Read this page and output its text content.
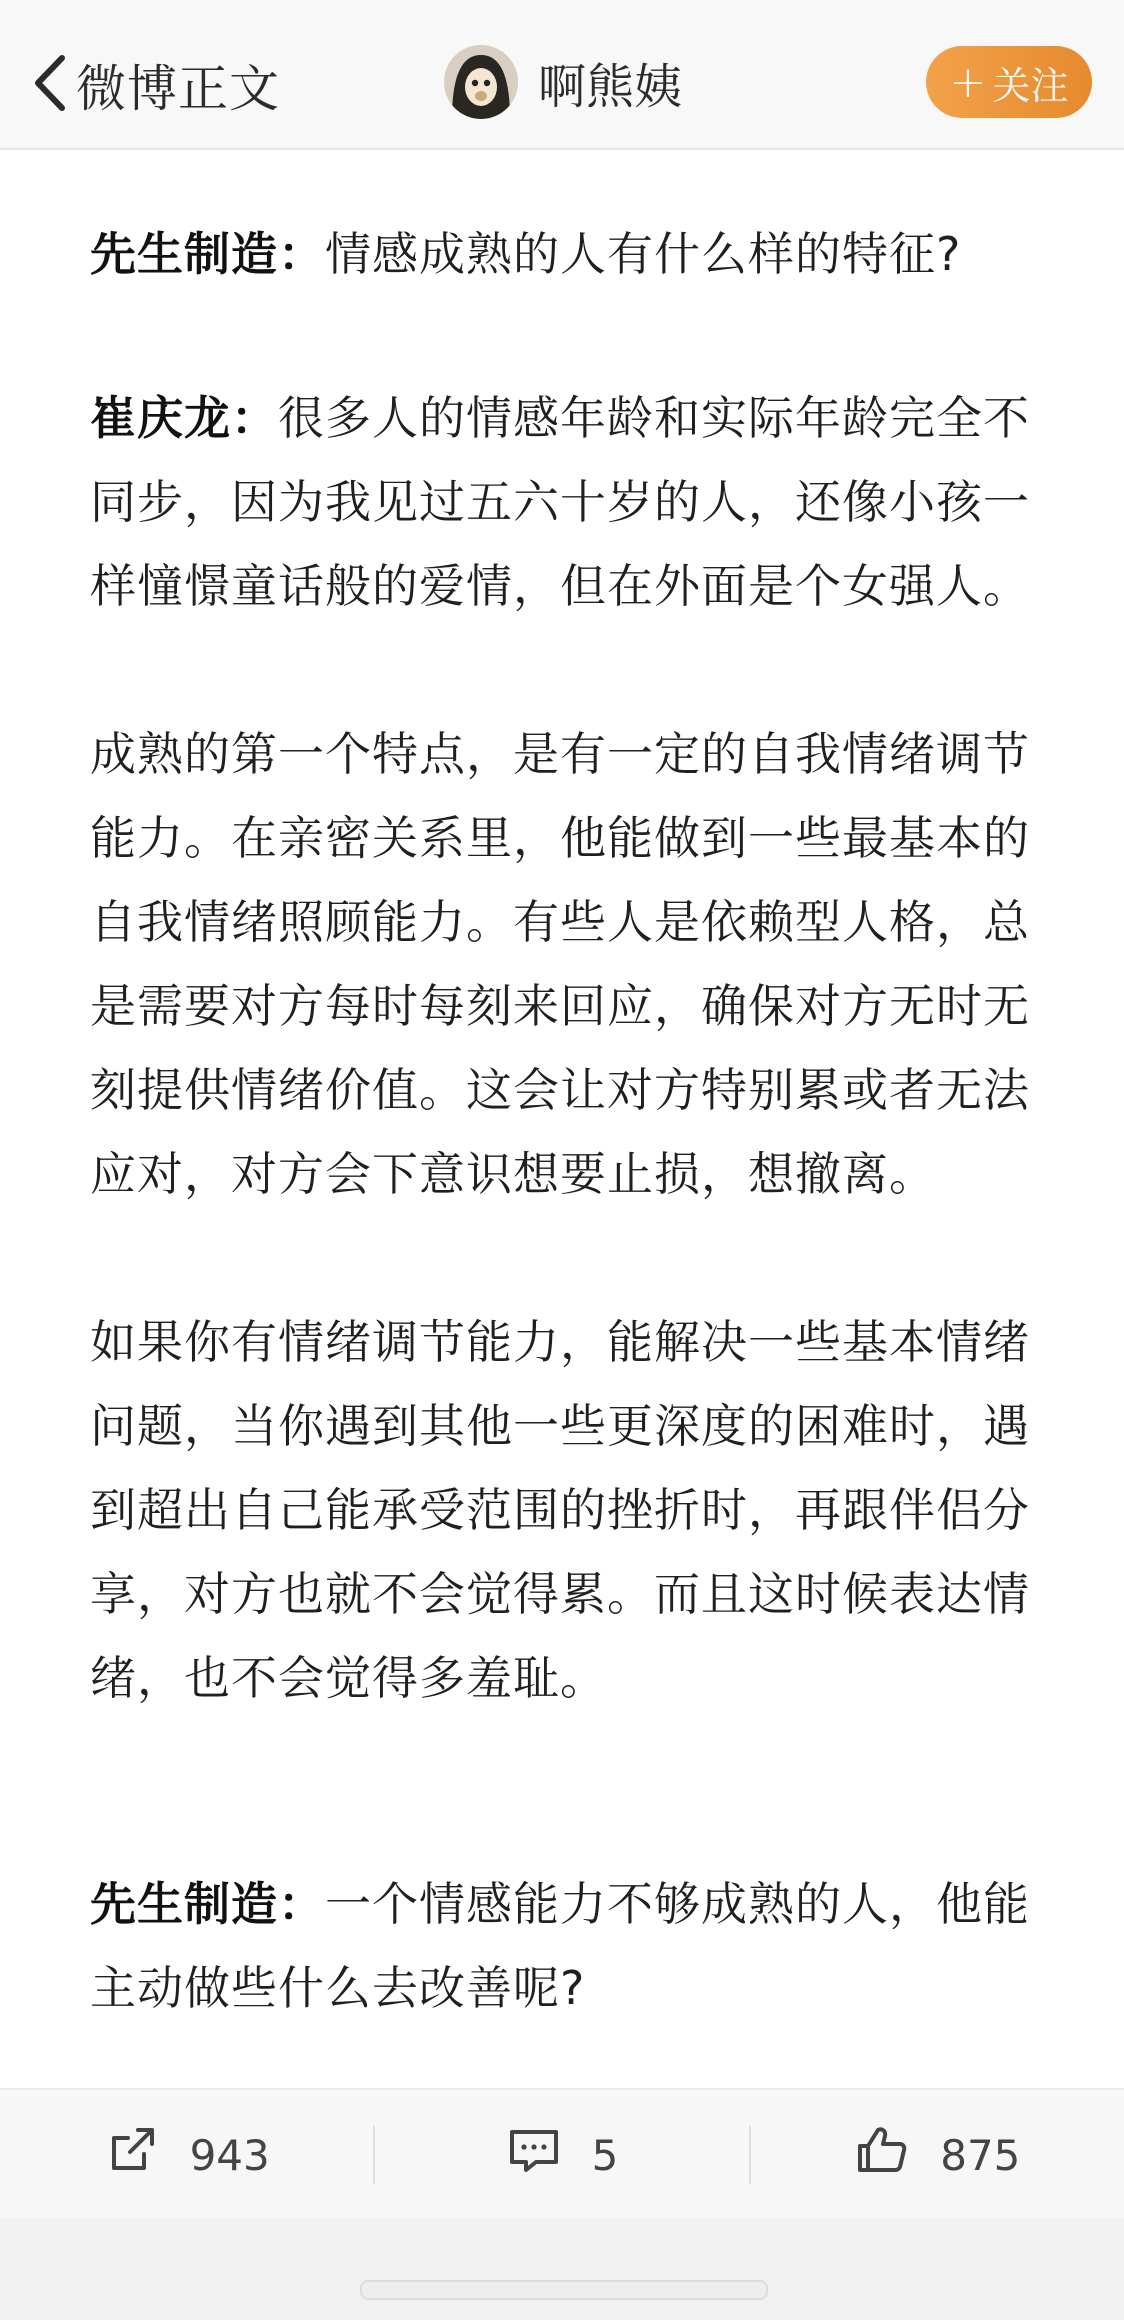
微博正文	啊熊姨	+ 关注

先生制造：情感成熟的人有什么样的特征?

崔庆龙：很多人的情感年龄和实际年龄完全不同步，因为我见过五六十岁的人，还像小孩一样憧憬童话般的爱情，但在外面是个女强人。

成熟的第一个特点，是有一定的自我情绪调节能力。在亲密关系里，他能做到一些最基本的自我情绪照顾能力。有些人是依赖型人格，总是需要对方每时每刻来回应，确保对方无时无刻提供情绪价值。这会让对方特别累或者无法应对，对方会下意识想要止损，想撤离。

如果你有情绪调节能力，能解决一些基本情绪问题，当你遇到其他一些更深度的困难时，遇到超出自己能承受范围的挫折时，再跟伴侣分享，对方也就不会觉得累。而且这时候表达情绪，也不会觉得多羞耻。

先生制造：一个情感能力不够成熟的人，他能主动做些什么去改善呢?

943	5	875
